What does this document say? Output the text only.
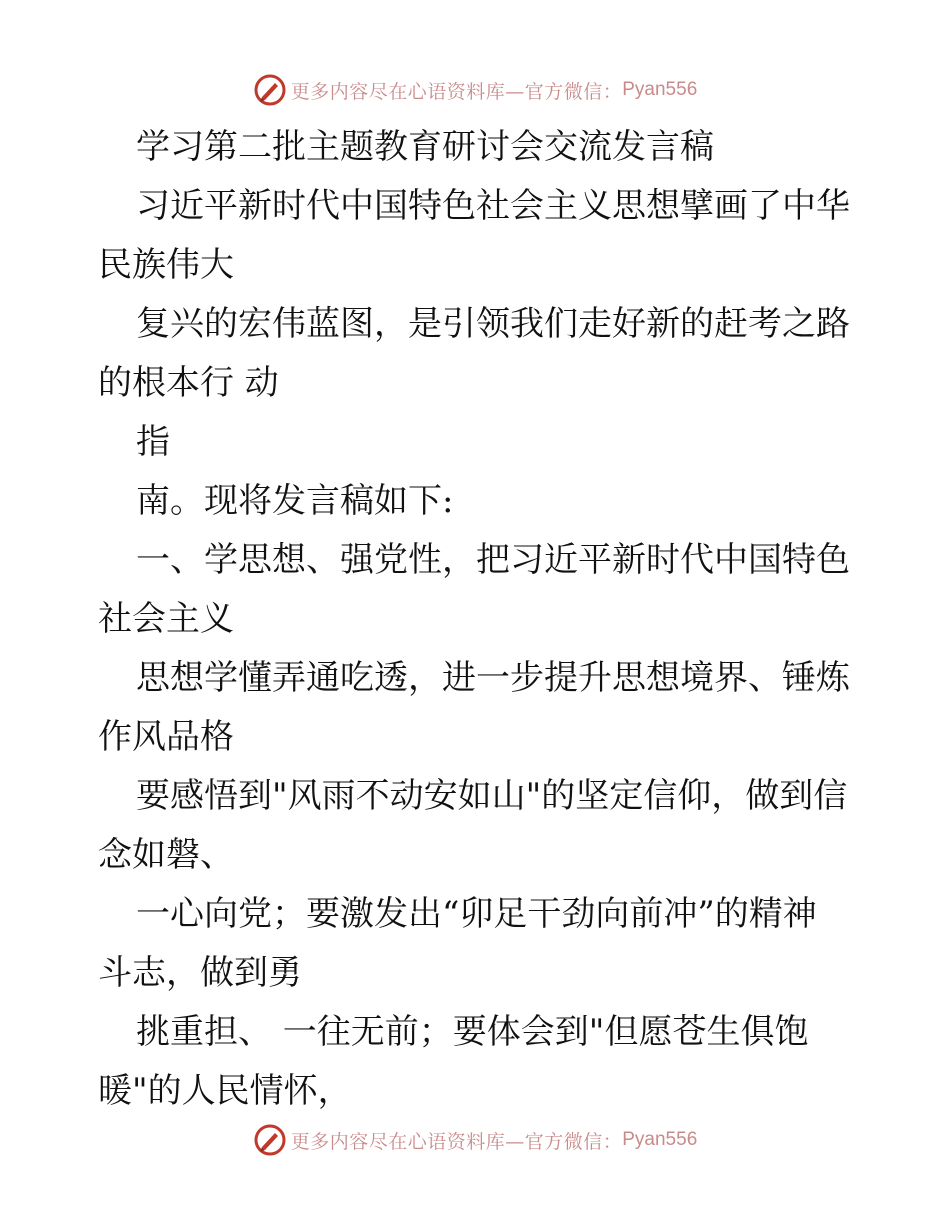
更多内容尽在心语资料库—官方微信： Pyan556
学习第二批主题教育研讨会交流发言稿
习近平新时代中国特色社会主义思想擘画了中华
民族伟大
复兴的宏伟蓝图，是引领我们走好新的赶考之路
的根本行 动
指
南。现将发言稿如下:
一、学思想、强党性，把习近平新时代中国特色
社会主义
思想学懂弄通吃透，进一步提升思想境界、锤炼
作风品格
要感悟到"风雨不动安如山"的坚定信仰，做到信
念如磐、
一心向党；要激发出“卯足干劲向前冲”的精神
斗志，做到勇
挑重担、 一往无前；要体会到"但愿苍生俱饱
暖"的人民情怀，
更多内容尽在心语资料库—官方微信： Pyan556
